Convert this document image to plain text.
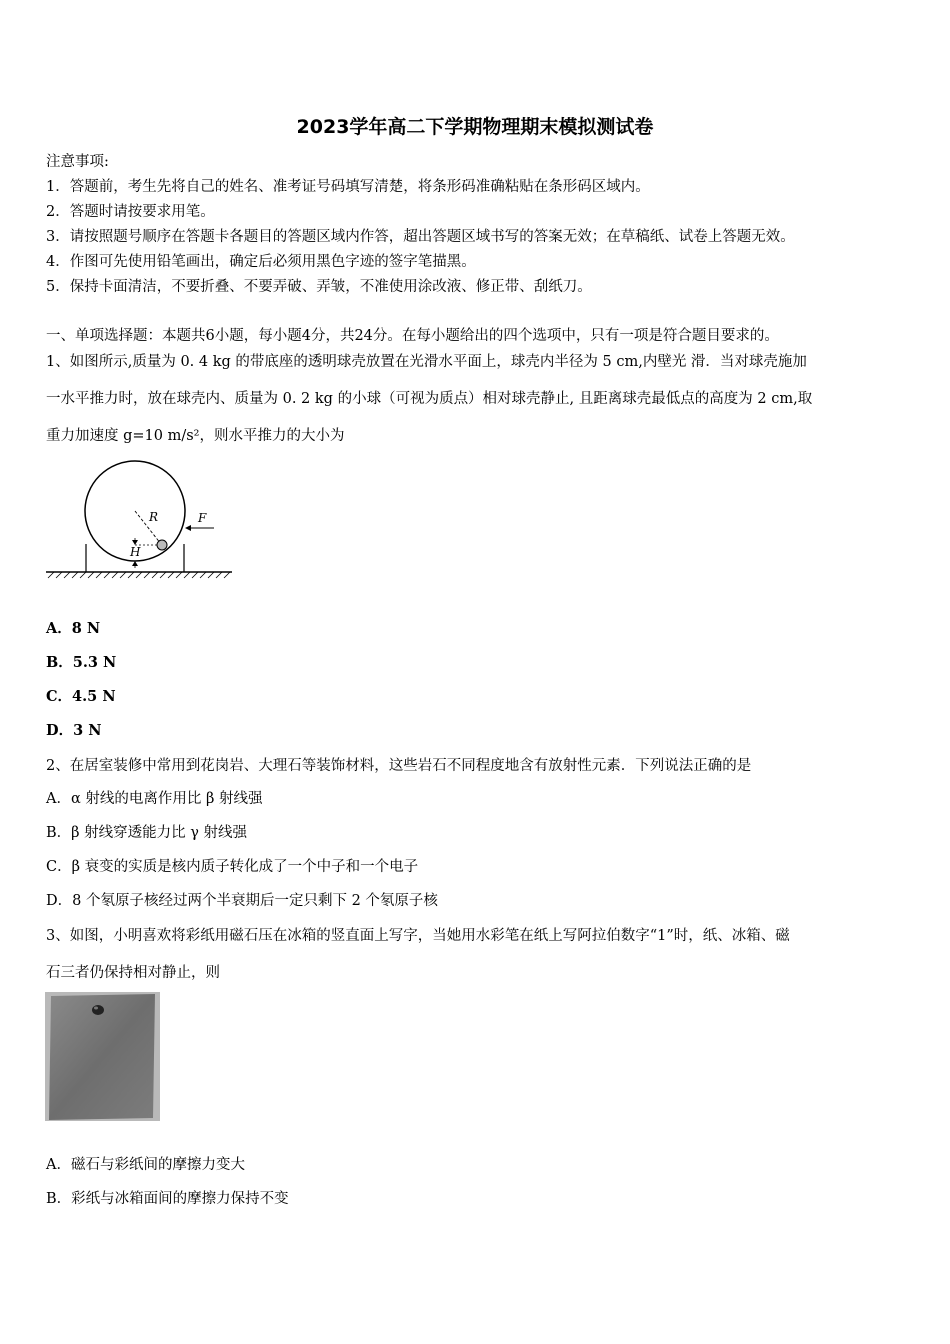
2023学年高二下学期物理期末模拟测试卷
注意事项:
1．答题前，考生先将自己的姓名、准考证号码填写清楚，将条形码准确粘贴在条形码区域内。
2．答题时请按要求用笔。
3．请按照题号顺序在答题卡各题目的答题区域内作答，超出答题区域书写的答案无效；在草稿纸、试卷上答题无效。
4．作图可先使用铅笔画出，确定后必须用黑色字迹的签字笔描黑。
5．保持卡面清洁，不要折叠、不要弄破、弄皱，不准使用涂改液、修正带、刮纸刀。
一、单项选择题：本题共6小题，每小题4分，共24分。在每小题给出的四个选项中，只有一项是符合题目要求的。
1、如图所示,质量为 0. 4 kg 的带底座的透明球壳放置在光滑水平面上，球壳内半径为 5 cm,内壁光 滑．当对球壳施加
一水平推力时，放在球壳内、质量为 0. 2 kg 的小球（可视为质点）相对球壳静止, 且距离球壳最低点的高度为 2 cm,取
重力加速度 g=10 m/s²，则水平推力的大小为
R	F
H
A．8 N
B．5.3 N
C．4.5 N
D．3 N
2、在居室装修中常用到花岗岩、大理石等装饰材料，这些岩石不同程度地含有放射性元素．下列说法正确的是
A．α 射线的电离作用比 β 射线强
B．β 射线穿透能力比 γ 射线强
C．β 衰变的实质是核内质子转化成了一个中子和一个电子
D．8 个氡原子核经过两个半衰期后一定只剩下 2 个氡原子核
3、如图，小明喜欢将彩纸用磁石压在冰箱的竖直面上写字，当她用水彩笔在纸上写阿拉伯数字“1”时，纸、冰箱、磁
石三者仍保持相对静止，则
A．磁石与彩纸间的摩擦力变大
B．彩纸与冰箱面间的摩擦力保持不变
